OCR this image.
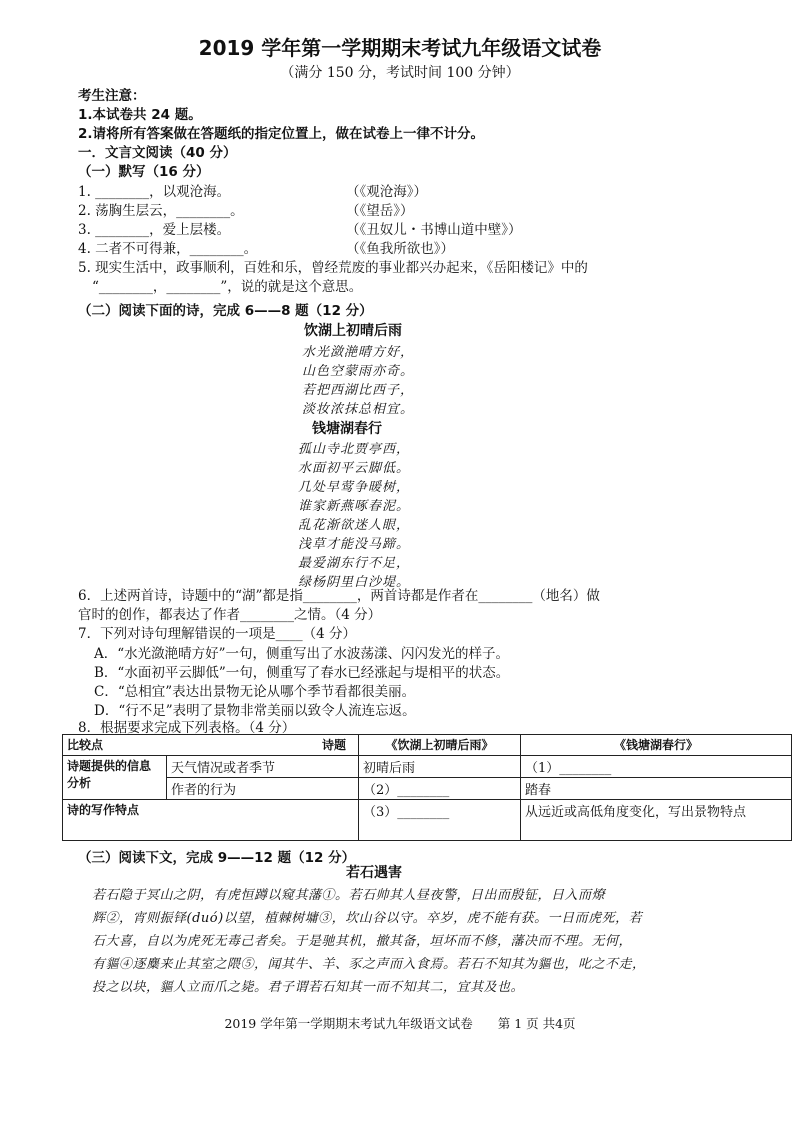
2019 学年第一学期期末考试九年级语文试卷
（满分 150 分，考试时间 100 分钟）
考生注意：
1.本试卷共 24 题。
2.请将所有答案做在答题纸的指定位置上，做在试卷上一律不计分。
一．文言文阅读（40 分）
（一）默写（16 分）
1. ________，以观沧海。	（《观沧海》）
2. 荡胸生层云，________。	（《望岳》）
3. ________，爱上层楼。	（《丑奴儿・书博山道中壁》）
4. 二者不可得兼，________。	（《鱼我所欲也》）
5. 现实生活中，政事顺利，百姓和乐，曾经荒废的事业都兴办起来，《岳阳楼记》中的
“________，________”，说的就是这个意思。
（二）阅读下面的诗，完成 6——8 题（12 分）
饮湖上初晴后雨
水光潋滟晴方好，
山色空蒙雨亦奇。
若把西湖比西子，
淡妆浓抹总相宜。
钱塘湖春行
孤山寺北贾亭西，
水面初平云脚低。
几处早莺争暖树，
谁家新燕啄春泥。
乱花渐欲迷人眼，
浅草才能没马蹄。
最爱湖东行不足，
绿杨阴里白沙堤。
6．上述两首诗，诗题中的“湖”都是指________，两首诗都是作者在________（地名）做
官时的创作，都表达了作者________之情。（4 分）
7．下列对诗句理解错误的一项是____（4 分）
A．“水光潋滟晴方好”一句，侧重写出了水波荡漾、闪闪发光的样子。
B．“水面初平云脚低”一句，侧重写了春水已经涨起与堤相平的状态。
C．“总相宜”表达出景物无论从哪个季节看都很美丽。
D．“行不足”表明了景物非常美丽以致令人流连忘返。
8．根据要求完成下列表格。（4 分）
比较点 诗题		《饮湖上初晴后雨》	《钱塘湖春行》
诗题提供的信息分析	天气情况或者季节	初晴后雨	（1）________
	作者的行为	（2）________	踏春
诗的写作特点		（3）________	从远近或高低角度变化，写出景物特点
（三）阅读下文，完成 9——12 题（12 分）
若石遇害
若石隐于冥山之阴，有虎恒蹲以窥其藩①。若石帅其人昼夜警，日出而殷钲，日入而燎
辉②，宵则振铎(duó)以望，植棘树墉③，坎山谷以守。卒岁，虎不能有获。一日而虎死，若
石大喜，自以为虎死无毒己者矣。于是驰其机，撤其备，垣坏而不修，藩决而不理。无何，
有貙④逐麋来止其室之隈⑤，闻其牛、羊、豕之声而入食焉。若石不知其为貙也，叱之不走，
投之以块，貙人立而爪之毙。君子谓若石知其一而不知其二，宜其及也。
2019 学年第一学期期末考试九年级语文试卷　　第 1 页 共4页
